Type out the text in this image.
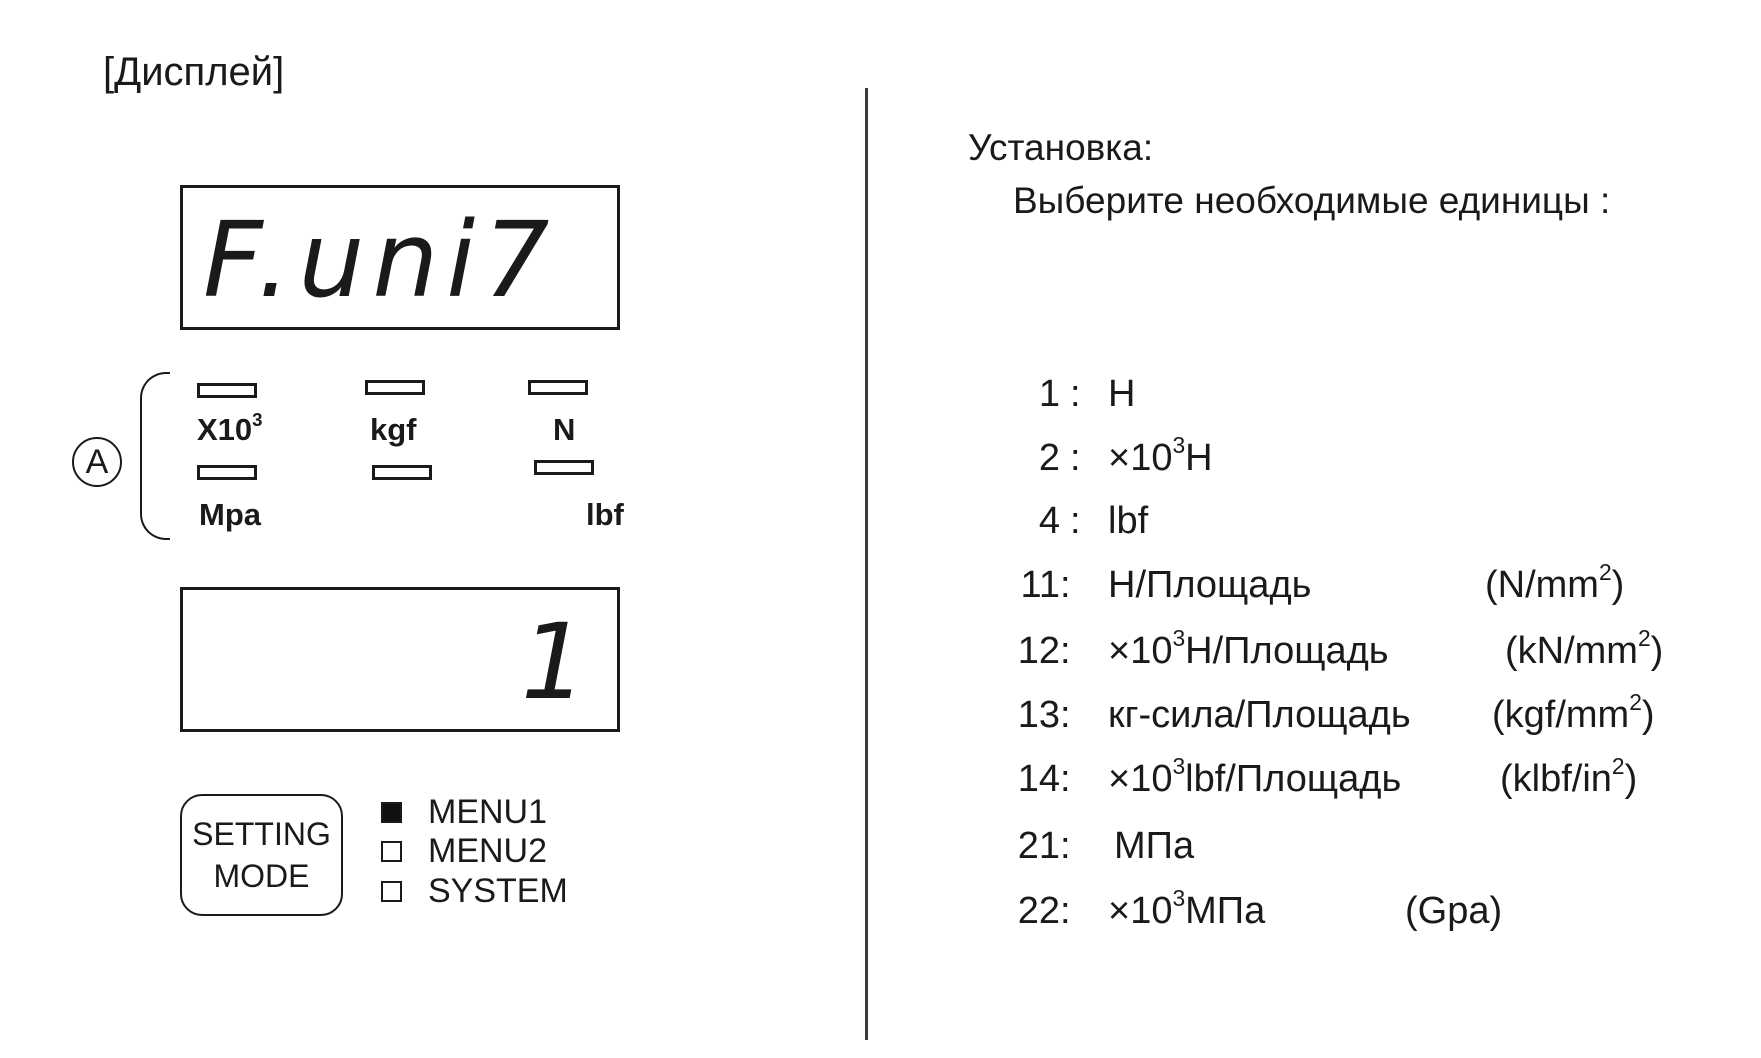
[Дисплей]
F.uni7
A
$X10^3$	kgf	N
Mpa	lbf
1
SETTING
MODE
MENU1
MENU2
SYSTEM
Установка:
Выберите необходимые единицы :
1 : Н
2 : $\times 10^3Н$
4 : lbf
11 : Н/Площадь	$(N/mm^2)$
12 : $\times 10^3Н$/Площадь	$(kN/mm^2)$
13 : кг-сила/Площадь $(kgf/mm^2)$
14 : $\times 10^3lbf$/Площадь	$(klbf/in^2)$
21 : МПа
22 : $\times 10^3МПа$	(Gpa)
